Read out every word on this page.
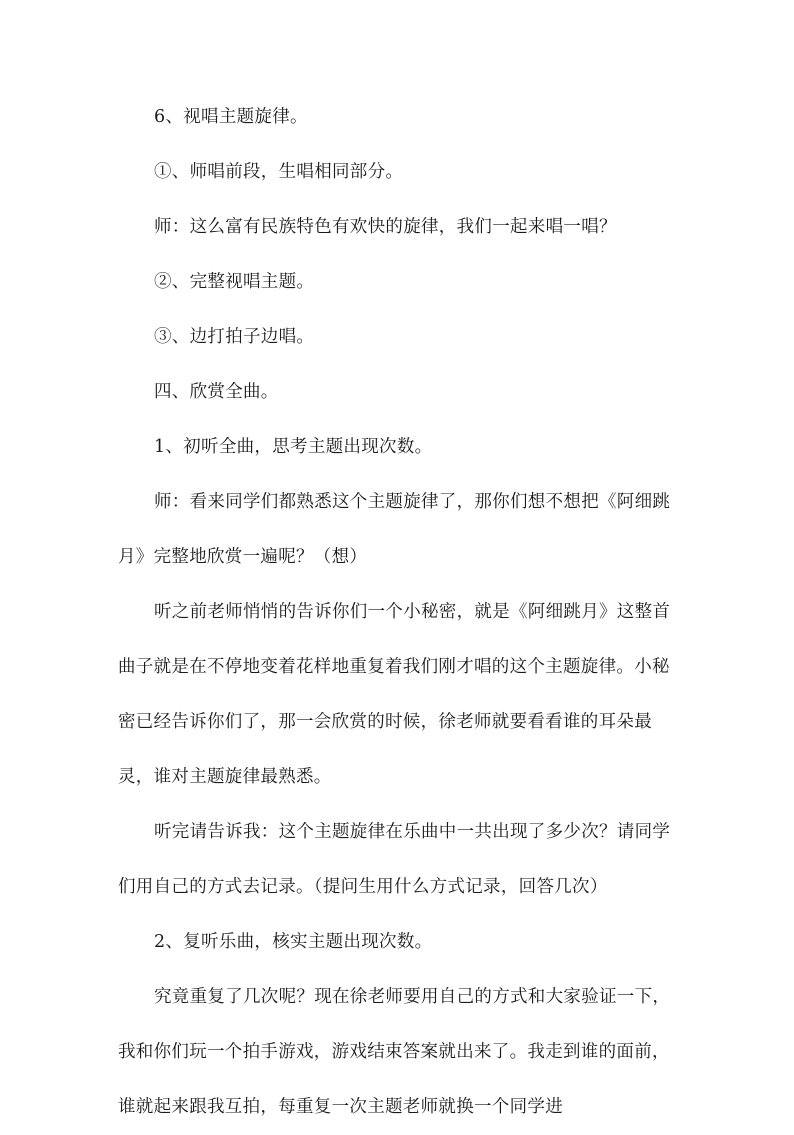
6、视唱主题旋律。

①、师唱前段，生唱相同部分。

师：这么富有民族特色有欢快的旋律，我们一起来唱一唱？

②、完整视唱主题。

③、边打拍子边唱。

四、欣赏全曲。

1、初听全曲，思考主题出现次数。

师：看来同学们都熟悉这个主题旋律了，那你们想不想把《阿细跳月》完整地欣赏一遍呢？（想）

听之前老师悄悄的告诉你们一个小秘密，就是《阿细跳月》这整首曲子就是在不停地变着花样地重复着我们刚才唱的这个主题旋律。小秘密已经告诉你们了，那一会欣赏的时候，徐老师就要看看谁的耳朵最灵，谁对主题旋律最熟悉。

听完请告诉我：这个主题旋律在乐曲中一共出现了多少次？请同学们用自己的方式去记录。（提问生用什么方式记录，回答几次）

2、复听乐曲，核实主题出现次数。

究竟重复了几次呢？现在徐老师要用自己的方式和大家验证一下，我和你们玩一个拍手游戏，游戏结束答案就出来了。我走到谁的面前，谁就起来跟我互拍，每重复一次主题老师就换一个同学进
